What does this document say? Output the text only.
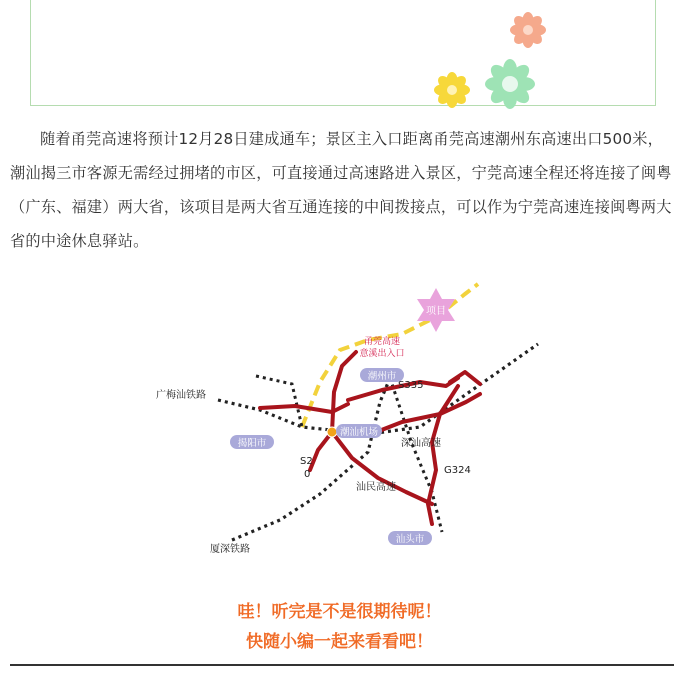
随着甬莞高速将预计12月28日建成通车；景区主入口距离甬莞高速潮州东高速出口500米，潮汕揭三市客源无需经过拥堵的市区，可直接通过高速路进入景区，宁莞高速全程还将连接了闽粤（广东、福建）两大省，该项目是两大省互通连接的中间拨接点，可以作为宁莞高速连接闽粤两大省的中途休息驿站。

项目
甬莞高速
意溪出入口
潮州市
揭阳市
汕头市
潮汕机场
S335
深汕高速
G324
S2
0
汕民高速
广梅汕铁路
厦深铁路

哇！听完是不是很期待呢！

快随小编一起来看看吧！
